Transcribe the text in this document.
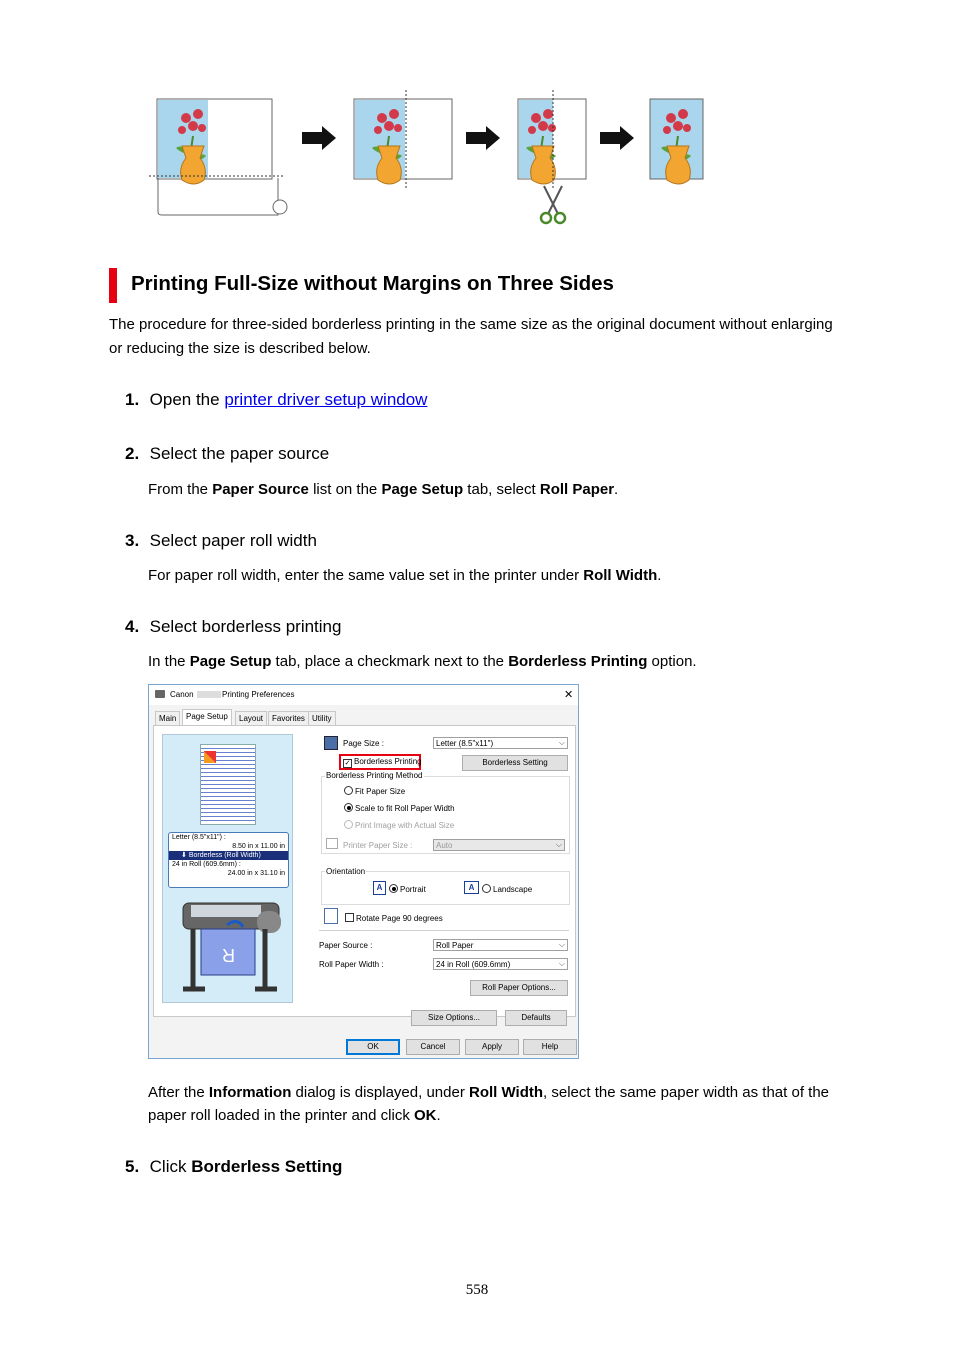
Printing Full-Size without Margins on Three Sides
The procedure for three-sided borderless printing in the same size as the original document without enlarging or reducing the size is described below.
1. Open the printer driver setup window
2. Select the paper source
From the Paper Source list on the Page Setup tab, select Roll Paper.
3. Select paper roll width
For paper roll width, enter the same value set in the printer under Roll Width.
4. Select borderless printing
In the Page Setup tab, place a checkmark next to the Borderless Printing option.
Canon	Printing Preferences	✕
Main	Page Setup	Layout	Favorites Utility
Letter (8.5"x11") :
8.50 in x 11.00 in
⬇ Borderless (Roll Width)
24 in Roll (609.6mm) :
24.00 in x 31.10 in
R
Page Size :	Letter (8.5"x11")	⌵
✓ Borderless Printing	Borderless Setting
Borderless Printing Method
Fit Paper Size
Scale to fit Roll Paper Width
Print Image with Actual Size
Printer Paper Size :	Auto	⌵
Orientation
A	Portrait	A	Landscape
Rotate Page 90 degrees
Paper Source :	Roll Paper	⌵
Roll Paper Width :	24 in Roll (609.6mm)	⌵
Roll Paper Options...
Size Options...	Defaults
OK	Cancel	Apply	Help
After the Information dialog is displayed, under Roll Width, select the same paper width as that of the paper roll loaded in the printer and click OK.
5. Click Borderless Setting
558
